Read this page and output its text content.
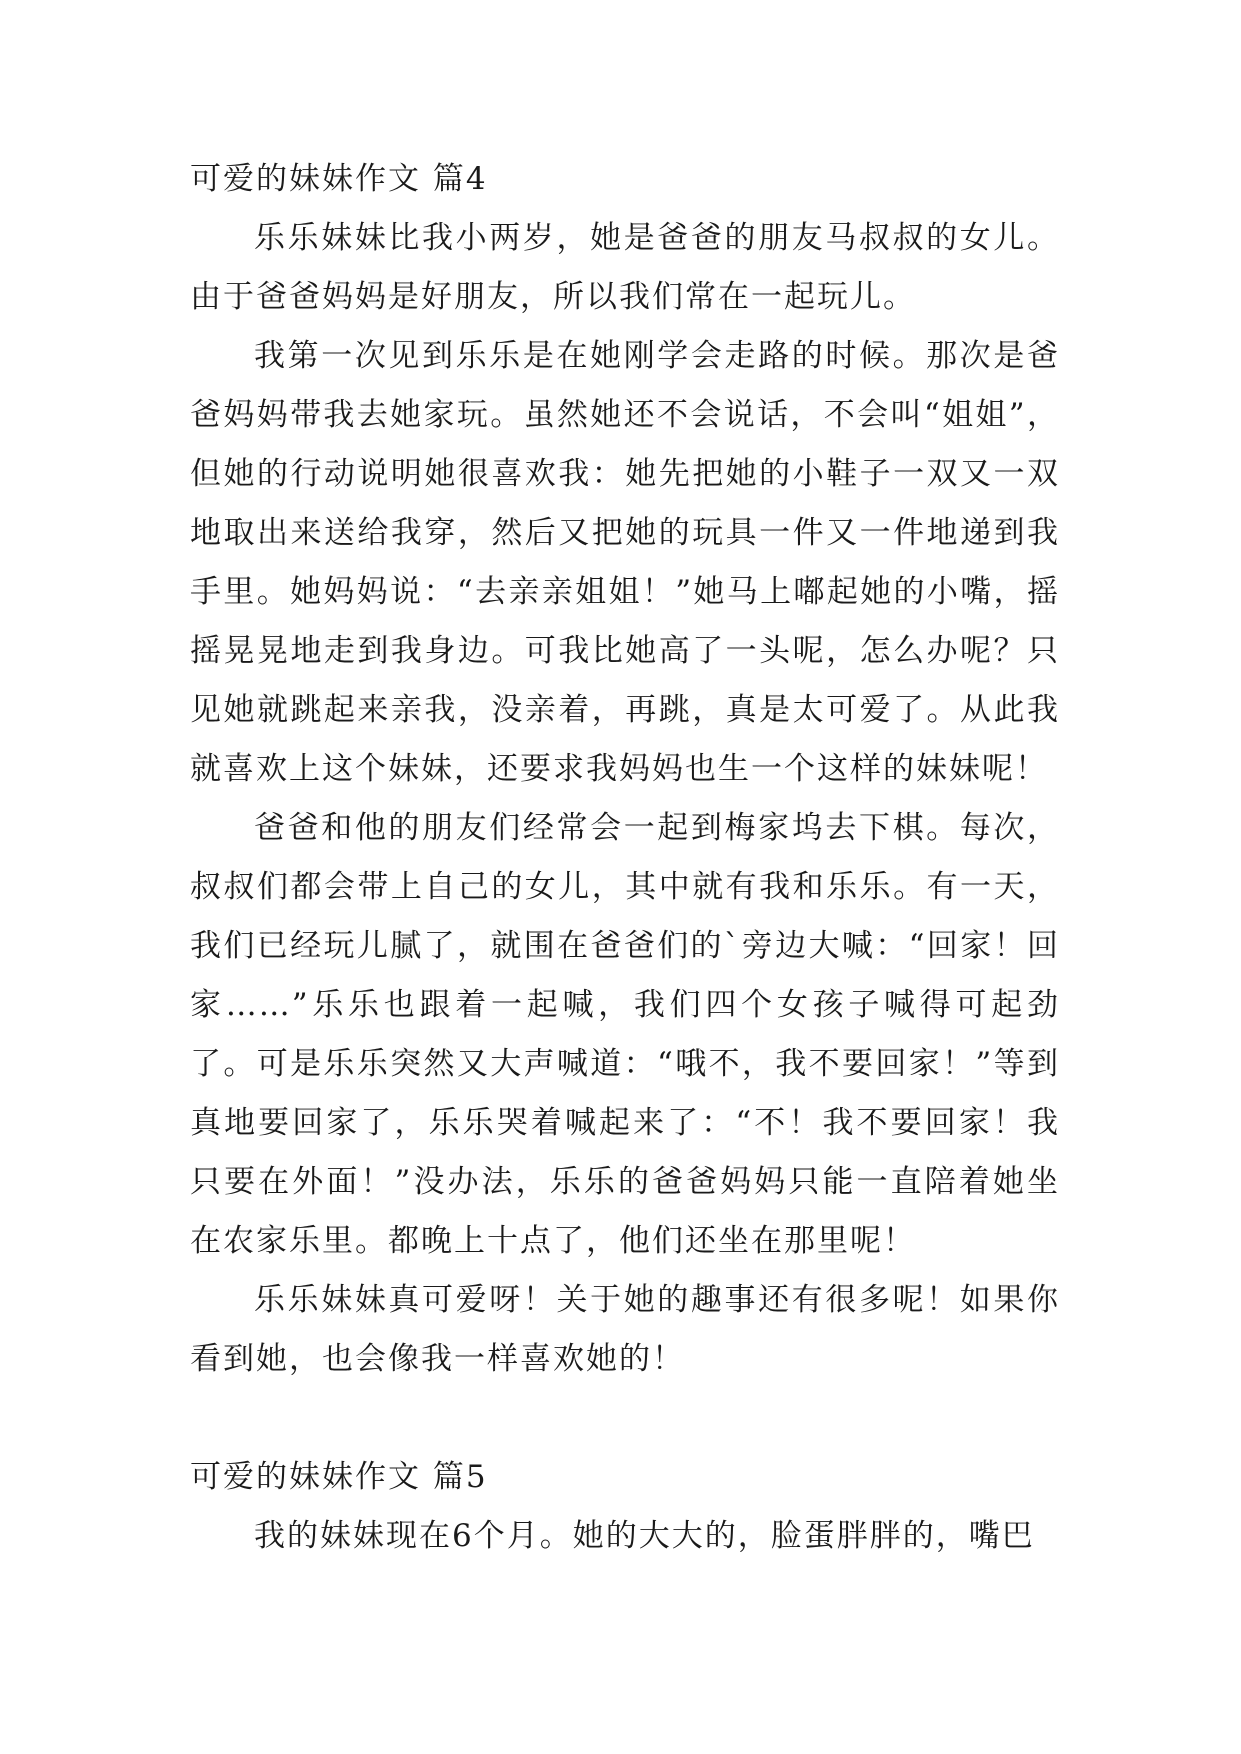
可爱的妹妹作文 篇4

乐乐妹妹比我小两岁，她是爸爸的朋友马叔叔的女儿。由于爸爸妈妈是好朋友，所以我们常在一起玩儿。

我第一次见到乐乐是在她刚学会走路的时候。那次是爸爸妈妈带我去她家玩。虽然她还不会说话，不会叫“姐姐”，但她的行动说明她很喜欢我：她先把她的小鞋子一双又一双地取出来送给我穿，然后又把她的玩具一件又一件地递到我手里。她妈妈说：“去亲亲姐姐！”她马上嘟起她的小嘴，摇摇晃晃地走到我身边。可我比她高了一头呢，怎么办呢？只见她就跳起来亲我，没亲着，再跳，真是太可爱了。从此我就喜欢上这个妹妹，还要求我妈妈也生一个这样的妹妹呢！

爸爸和他的朋友们经常会一起到梅家坞去下棋。每次，叔叔们都会带上自己的女儿，其中就有我和乐乐。有一天，我们已经玩儿腻了，就围在爸爸们的`旁边大喊：“回家！回家……”乐乐也跟着一起喊，我们四个女孩子喊得可起劲了。可是乐乐突然又大声喊道：“哦不，我不要回家！”等到真地要回家了，乐乐哭着喊起来了：“不！我不要回家！我只要在外面！”没办法，乐乐的爸爸妈妈只能一直陪着她坐在农家乐里。都晚上十点了，他们还坐在那里呢！

乐乐妹妹真可爱呀！关于她的趣事还有很多呢！如果你看到她，也会像我一样喜欢她的！

可爱的妹妹作文 篇5

我的妹妹现在6个月。她的大大的，脸蛋胖胖的，嘴巴
